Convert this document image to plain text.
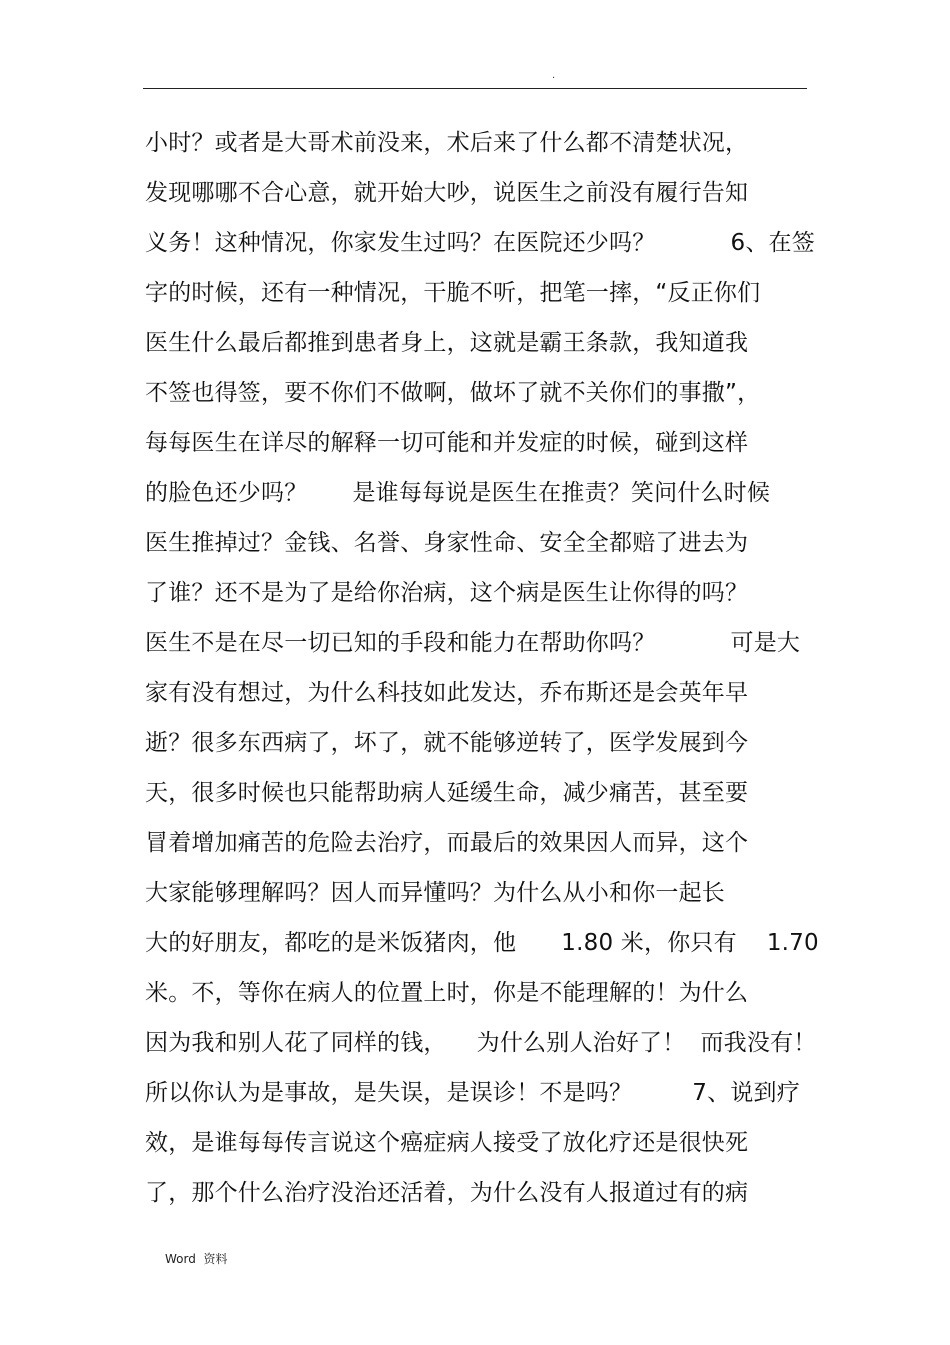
.
小时？或者是大哥术前没来，术后来了什么都不清楚状况，
发现哪哪不合心意，就开始大吵，说医生之前没有履行告知
义务！这种情况，你家发生过吗？在医院还少吗？          6、在签
字的时候，还有一种情况，干脆不听，把笔一摔，“反正你们
医生什么最后都推到患者身上，这就是霸王条款，我知道我
不签也得签，要不你们不做啊，做坏了就不关你们的事撒”，
每每医生在详尽的解释一切可能和并发症的时候，碰到这样
的脸色还少吗？      是谁每每说是医生在推责？笑问什么时候
医生推掉过？金钱、名誉、身家性命、安全全都赔了进去为
了谁？还不是为了是给你治病，这个病是医生让你得的吗？
医生不是在尽一切已知的手段和能力在帮助你吗？          可是大
家有没有想过，为什么科技如此发达，乔布斯还是会英年早
逝？很多东西病了，坏了，就不能够逆转了，医学发展到今
天，很多时候也只能帮助病人延缓生命，减少痛苦，甚至要
冒着增加痛苦的危险去治疗，而最后的效果因人而异，这个
大家能够理解吗？因人而异懂吗？为什么从小和你一起长
大的好朋友，都吃的是米饭猪肉，他      1.80 米，你只有    1.70
米。不，等你在病人的位置上时，你是不能理解的！为什么
因为我和别人花了同样的钱，    为什么别人治好了！  而我没有！
所以你认为是事故，是失误，是误诊！不是吗？        7、说到疗
效，是谁每每传言说这个癌症病人接受了放化疗还是很快死
了，那个什么治疗没治还活着，为什么没有人报道过有的病
Word  资料
